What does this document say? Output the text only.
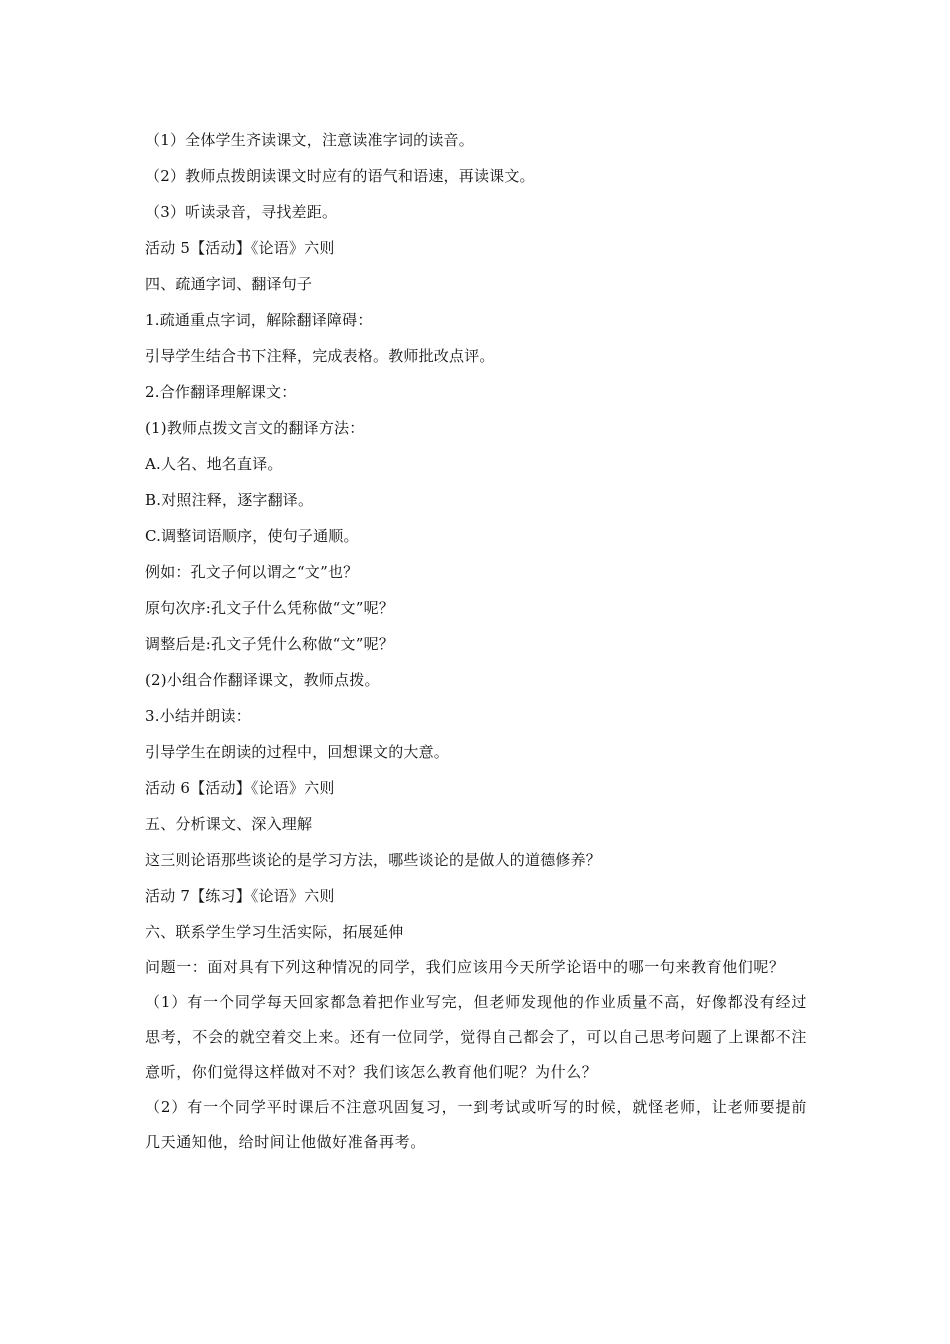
（1）全体学生齐读课文，注意读准字词的读音。
（2）教师点拨朗读课文时应有的语气和语速，再读课文。
（3）听读录音，寻找差距。
活动 5【活动】《论语》六则
四、疏通字词、翻译句子
1.疏通重点字词，解除翻译障碍：
引导学生结合书下注释，完成表格。教师批改点评。
2.合作翻译理解课文：
(1)教师点拨文言文的翻译方法：
A.人名、地名直译。
B.对照注释，逐字翻译。
C.调整词语顺序，使句子通顺。
例如：孔文子何以谓之“文”也？
原句次序:孔文子什么凭称做“文”呢？
调整后是:孔文子凭什么称做“文”呢？
(2)小组合作翻译课文，教师点拨。
3.小结并朗读：
引导学生在朗读的过程中，回想课文的大意。
活动 6【活动】《论语》六则
五、分析课文、深入理解
这三则论语那些谈论的是学习方法，哪些谈论的是做人的道德修养？
活动 7【练习】《论语》六则
六、联系学生学习生活实际，拓展延伸
问题一：面对具有下列这种情况的同学，我们应该用今天所学论语中的哪一句来教育他们呢？
（1）有一个同学每天回家都急着把作业写完，但老师发现他的作业质量不高，好像都没有经过思考，不会的就空着交上来。还有一位同学，觉得自己都会了，可以自己思考问题了上课都不注意听，你们觉得这样做对不对？我们该怎么教育他们呢？为什么？
（2）有一个同学平时课后不注意巩固复习，一到考试或听写的时候，就怪老师，让老师要提前几天通知他，给时间让他做好准备再考。
